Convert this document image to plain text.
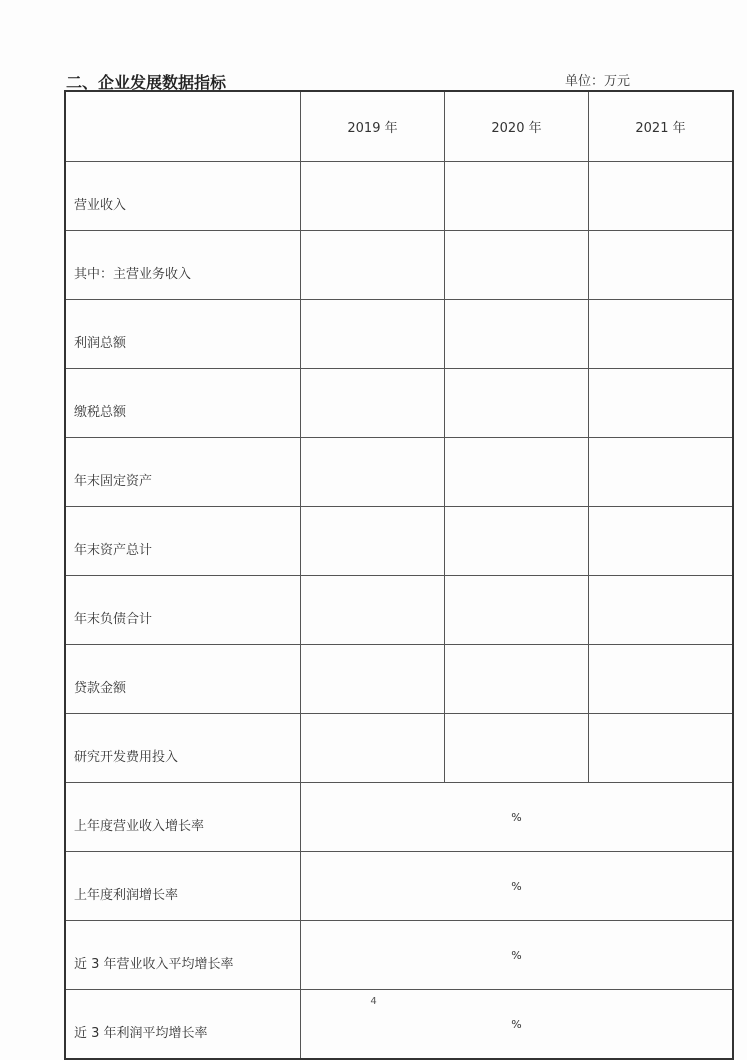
二、企业发展数据指标	单位：万元
	2019 年	2020 年	2021 年
营业收入			
其中：主营业务收入			
利润总额			
缴税总额			
年末固定资产			
年末资产总计			
年末负债合计			
贷款金额			
研究开发费用投入			
上年度营业收入增长率	%		
上年度利润增长率	%		
近 3 年营业收入平均增长率	%		
近 3 年利润平均增长率	%		
4
